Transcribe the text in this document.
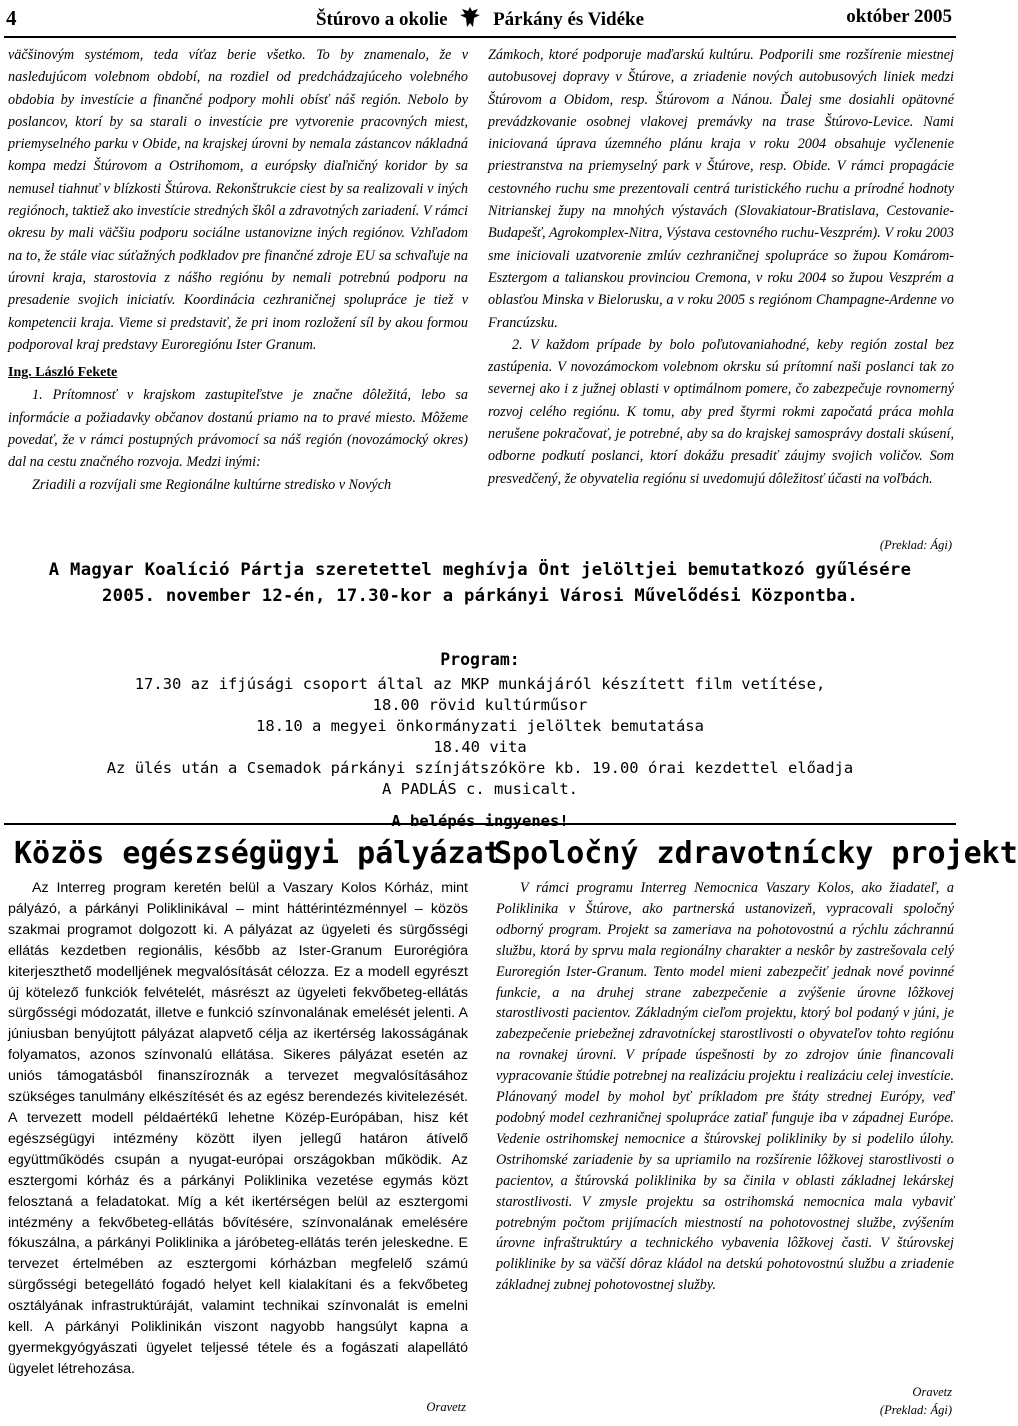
4	Štúrovo a okolie Párkány és Vidéke	október 2005

väčšinovým systémom, teda víťaz berie všetko. To by znamenalo, že v nasledujúcom volebnom období, na rozdiel od predchádzajúceho volebného obdobia by investície a finančné podpory mohli obísť náš región. Nebolo by poslancov, ktorí by sa starali o investície pre vytvorenie pracovných miest, priemyselného parku v Obide, na krajskej úrovni by nemala zástancov nákladná kompa medzi Štúrovom a Ostrihomom, a európsky diaľničný koridor by sa nemusel tiahnuť v blízkosti Štúrova. Rekonštrukcie ciest by sa realizovali v iných regiónoch, taktiež ako investície stredných škôl a zdravotných zariadení. V rámci okresu by mali väčšiu podporu sociálne ustanovizne iných regiónov. Vzhľadom na to, že stále viac súťažných podkladov pre finančné zdroje EU sa schvaľuje na úrovni kraja, starostovia z nášho regiónu by nemali potrebnú podporu na presadenie svojich iniciatív. Koordinácia cezhraničnej spolupráce je tiež v kompetencii kraja. Vieme si predstaviť, že pri inom rozložení síl by akou formou podporoval kraj predstavy Euroregiónu Ister Granum.

Ing. László Fekete

1. Prítomnosť v krajskom zastupiteľstve je značne dôležitá, lebo sa informácie a požiadavky občanov dostanú priamo na to pravé miesto. Môžeme povedať, že v rámci postupných právomocí sa náš región (novozámocký okres) dal na cestu značného rozvoja. Medzi inými:

Zriadili a rozvíjali sme Regionálne kultúrne stredisko v Nových

Zámkoch, ktoré podporuje maďarskú kultúru. Podporili sme rozšírenie miestnej autobusovej dopravy v Štúrove, a zriadenie nových autobusových liniek medzi Štúrovom a Obidom, resp. Štúrovom a Nánou. Ďalej sme dosiahli opätovné prevádzkovanie osobnej vlakovej premávky na trase Štúrovo-Levice. Nami iniciovaná úprava územného plánu kraja v roku 2004 obsahuje vyčlenenie priestranstva na priemyselný park v Štúrove, resp. Obide. V rámci propagácie cestovného ruchu sme prezentovali centrá turistického ruchu a prírodné hodnoty Nitrianskej župy na mnohých výstavách (Slovakiatour-Bratislava, Cestovanie-Budapešť, Agrokomplex-Nitra, Výstava cestovného ruchu-Veszprém). V roku 2003 sme iniciovali uzatvorenie zmlúv cezhraničnej spolupráce so župou Komárom-Esztergom a talianskou provinciou Cremona, v roku 2004 so župou Veszprém a oblasťou Minska v Bielorusku, a v roku 2005 s regiónom Champagne-Ardenne vo Francúzsku.

2. V každom prípade by bolo poľutovaniahodné, keby región zostal bez zastúpenia. V novozámockom volebnom okrsku sú prítomní naši poslanci tak zo severnej ako i z južnej oblasti v optimálnom pomere, čo zabezpečuje rovnomerný rozvoj celého regiónu. K tomu, aby pred štyrmi rokmi započatá práca mohla nerušene pokračovať, je potrebné, aby sa do krajskej samosprávy dostali skúsení, odborne podkutí poslanci, ktorí dokážu presadiť záujmy svojich voličov. Som presvedčený, že obyvatelia regiónu si uvedomujú dôležitosť účasti na voľbách.

(Preklad: Ági)
A Magyar Koalíció Pártja szeretettel meghívja Önt jelöltjei bemutatkozó gyűlésére
2005. november 12-én, 17.30-kor a párkányi Városi Művelődési Központba.
Program:
17.30 az ifjúsági csoport által az MKP munkájáról készített film vetítése,
18.00 rövid kultúrműsor
18.10 a megyei önkormányzati jelöltek bemutatása
18.40 vita
Az ülés után a Csemadok párkányi színjátszóköre kb. 19.00 órai kezdettel előadja
A PADLÁS c. musicalt.
A belépés ingyenes!
Közös egészségügyi pályázat
Spoločný zdravotnícky projekt

Az Interreg program keretén belül a Vaszary Kolos Kórház, mint pályázó, a párkányi Poliklinikával – mint háttérintézménnyel – közös szakmai programot dolgozott ki. A pályázat az ügyeleti és sürgősségi ellátás kezdetben regionális, később az Ister-Granum Eurorégióra kiterjeszthető modelljének megvalósítását célozza. Ez a modell egyrészt új kötelező funkciók felvételét, másrészt az ügyeleti fekvőbeteg-ellátás sürgősségi módozatát, illetve e funkció színvonalának emelését jelenti. A júniusban benyújtott pályázat alapvető célja az ikertérség lakosságának folyamatos, azonos színvonalú ellátása. Sikeres pályázat esetén az uniós támogatásból finanszíroznák a tervezet megvalósításához szükséges tanulmány elkészítését és az egész berendezés kivitelezését. A tervezett modell példaértékű lehetne Közép-Európában, hisz két egészségügyi intézmény között ilyen jellegű határon átívelő együttműködés csupán a nyugat-európai országokban működik. Az esztergomi kórház és a párkányi Poliklinika vezetése egymás közt felosztaná a feladatokat. Míg a két ikertérségen belül az esztergomi intézmény a fekvőbeteg-ellátás bővítésére, színvonalának emelésére fókuszálna, a párkányi Poliklinika a járóbeteg-ellátás terén jeleskedne. E tervezet értelmében az esztergomi kórházban megfelelő számú sürgősségi betegellátó fogadó helyet kell kialakítani és a fekvőbeteg osztályának infrastruktúráját, valamint technikai színvonalát is emelni kell. A párkányi Poliklinikán viszont nagyobb hangsúlyt kapna a gyermekgyógyászati ügyelet teljessé tétele és a fogászati alapellátó ügyelet létrehozása.

Oravetz

V rámci programu Interreg Nemocnica Vaszary Kolos, ako žiadateľ, a Poliklinika v Štúrove, ako partnerská ustanovizeň, vypracovali spoločný odborný program. Projekt sa zameriava na pohotovostnú a rýchlu záchrannú službu, ktorá by sprvu mala regionálny charakter a neskôr by zastrešovala celý Euroregión Ister-Granum. Tento model mieni zabezpečiť jednak nové povinné funkcie, a na druhej strane zabezpečenie a zvýšenie úrovne lôžkovej starostlivosti pacientov. Základným cieľom projektu, ktorý bol podaný v júni, je zabezpečenie priebežnej zdravotníckej starostlivosti o obyvateľov tohto regiónu na rovnakej úrovni. V prípade úspešnosti by zo zdrojov únie financovali vypracovanie štúdie potrebnej na realizáciu projektu i realizáciu celej investície. Plánovaný model by mohol byť príkladom pre štáty strednej Európy, veď podobný model cezhraničnej spolupráce zatiaľ funguje iba v západnej Európe. Vedenie ostrihomskej nemocnice a štúrovskej polikliniky by si podelilo úlohy. Ostrihomské zariadenie by sa upriamilo na rozšírenie lôžkovej starostlivosti o pacientov, a štúrovská poliklinika by sa činila v oblasti základnej lekárskej starostlivosti. V zmysle projektu sa ostrihomská nemocnica mala vybaviť potrebným počtom prijímacích miestností na pohotovostnej službe, zvýšením úrovne infraštruktúry a technického vybavenia lôžkovej časti. V štúrovskej poliklinike by sa väčší dôraz kládol na detskú pohotovostnú službu a zriadenie základnej zubnej pohotovostnej služby.

Oravetz
(Preklad: Ági)
